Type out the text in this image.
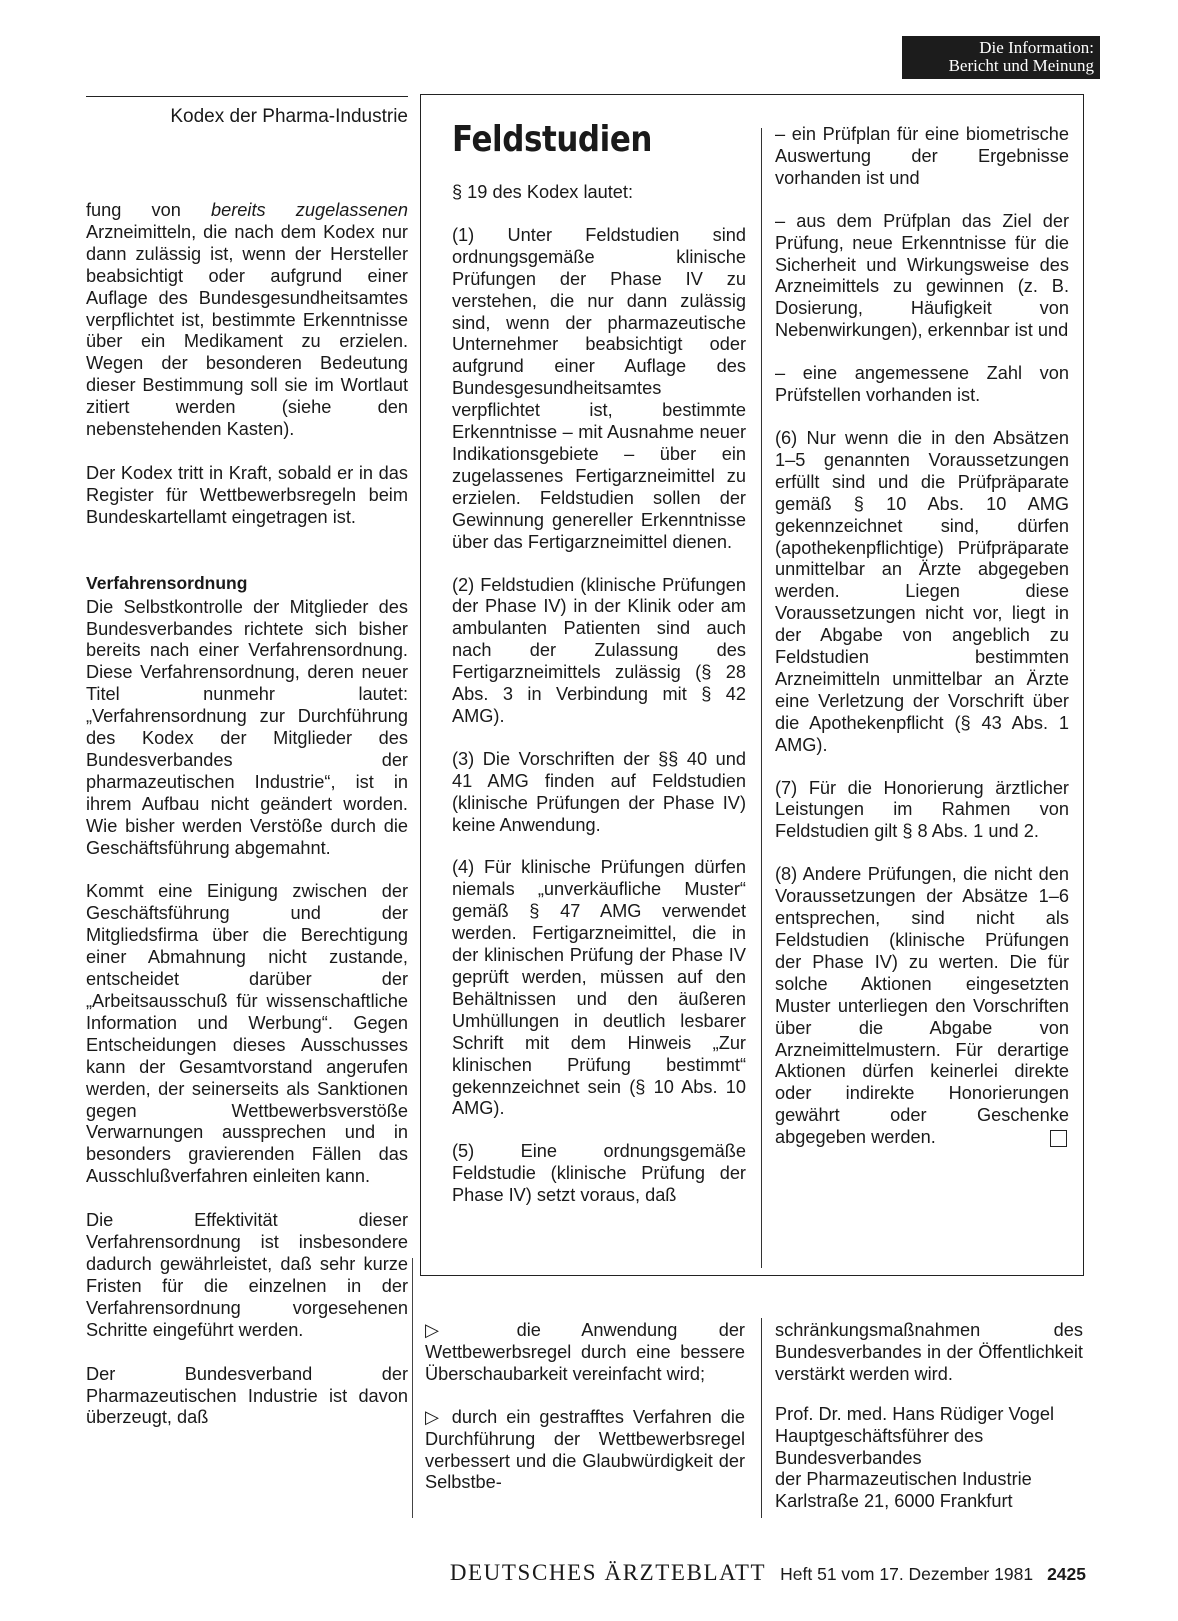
Die Information:
Bericht und Meinung
Kodex der Pharma-Industrie

fung von bereits zugelassenen Arzneimitteln, die nach dem Kodex nur dann zulässig ist, wenn der Hersteller beabsichtigt oder aufgrund einer Auflage des Bundesgesundheitsamtes verpflichtet ist, bestimmte Erkenntnisse über ein Medikament zu erzielen. Wegen der besonderen Bedeutung dieser Bestimmung soll sie im Wortlaut zitiert werden (siehe den nebenstehenden Kasten).

Der Kodex tritt in Kraft, sobald er in das Register für Wettbewerbsregeln beim Bundeskartellamt eingetragen ist.

Verfahrensordnung

Die Selbstkontrolle der Mitglieder des Bundesverbandes richtete sich bisher bereits nach einer Verfahrensordnung. Diese Verfahrensordnung, deren neuer Titel nunmehr lautet: „Verfahrensordnung zur Durchführung des Kodex der Mitglieder des Bundesverbandes der pharmazeutischen Industrie“, ist in ihrem Aufbau nicht geändert worden. Wie bisher werden Verstöße durch die Geschäftsführung abgemahnt.

Kommt eine Einigung zwischen der Geschäftsführung und der Mitgliedsfirma über die Berechtigung einer Abmahnung nicht zustande, entscheidet darüber der „Arbeitsausschuß für wissenschaftliche Information und Werbung“. Gegen Entscheidungen dieses Ausschusses kann der Gesamtvorstand angerufen werden, der seinerseits als Sanktionen gegen Wettbewerbsverstöße Verwarnungen aussprechen und in besonders gravierenden Fällen das Ausschlußverfahren einleiten kann.

Die Effektivität dieser Verfahrensordnung ist insbesondere dadurch gewährleistet, daß sehr kurze Fristen für die einzelnen in der Verfahrensordnung vorgesehenen Schritte eingeführt werden.

Der Bundesverband der Pharmazeutischen Industrie ist davon überzeugt, daß

Feldstudien

§ 19 des Kodex lautet:

(1) Unter Feldstudien sind ordnungsgemäße klinische Prüfungen der Phase IV zu verstehen, die nur dann zulässig sind, wenn der pharmazeutische Unternehmer beabsichtigt oder aufgrund einer Auflage des Bundesgesundheitsamtes verpflichtet ist, bestimmte Erkenntnisse – mit Ausnahme neuer Indikationsgebiete – über ein zugelassenes Fertigarzneimittel zu erzielen. Feldstudien sollen der Gewinnung genereller Erkenntnisse über das Fertigarzneimittel dienen.

(2) Feldstudien (klinische Prüfungen der Phase IV) in der Klinik oder am ambulanten Patienten sind auch nach der Zulassung des Fertigarzneimittels zulässig (§ 28 Abs. 3 in Verbindung mit § 42 AMG).

(3) Die Vorschriften der §§ 40 und 41 AMG finden auf Feldstudien (klinische Prüfungen der Phase IV) keine Anwendung.

(4) Für klinische Prüfungen dürfen niemals „unverkäufliche Muster“ gemäß § 47 AMG verwendet werden. Fertigarzneimittel, die in der klinischen Prüfung der Phase IV geprüft werden, müssen auf den Behältnissen und den äußeren Umhüllungen in deutlich lesbarer Schrift mit dem Hinweis „Zur klinischen Prüfung bestimmt“ gekennzeichnet sein (§ 10 Abs. 10 AMG).

(5) Eine ordnungsgemäße Feldstudie (klinische Prüfung der Phase IV) setzt voraus, daß

– ein Prüfplan für eine biometrische Auswertung der Ergebnisse vorhanden ist und

– aus dem Prüfplan das Ziel der Prüfung, neue Erkenntnisse für die Sicherheit und Wirkungsweise des Arzneimittels zu gewinnen (z. B. Dosierung, Häufigkeit von Nebenwirkungen), erkennbar ist und

– eine angemessene Zahl von Prüfstellen vorhanden ist.

(6) Nur wenn die in den Absätzen 1–5 genannten Voraussetzungen erfüllt sind und die Prüfpräparate gemäß § 10 Abs. 10 AMG gekennzeichnet sind, dürfen (apothekenpflichtige) Prüfpräparate unmittelbar an Ärzte abgegeben werden. Liegen diese Voraussetzungen nicht vor, liegt in der Abgabe von angeblich zu Feldstudien bestimmten Arzneimitteln unmittelbar an Ärzte eine Verletzung der Vorschrift über die Apothekenpflicht (§ 43 Abs. 1 AMG).

(7) Für die Honorierung ärztlicher Leistungen im Rahmen von Feldstudien gilt § 8 Abs. 1 und 2.

(8) Andere Prüfungen, die nicht den Voraussetzungen der Absätze 1–6 entsprechen, sind nicht als Feldstudien (klinische Prüfungen der Phase IV) zu werten. Die für solche Aktionen eingesetzten Muster unterliegen den Vorschriften über die Abgabe von Arzneimittelmustern. Für derartige Aktionen dürfen keinerlei direkte oder indirekte Honorierungen gewährt oder Geschenke abgegeben werden.

▷ die Anwendung der Wettbewerbsregel durch eine bessere Überschaubarkeit vereinfacht wird;

▷ durch ein gestrafftes Verfahren die Durchführung der Wettbewerbsregel verbessert und die Glaubwürdigkeit der Selbstbe-

schränkungsmaßnahmen des Bundesverbandes in der Öffentlichkeit verstärkt werden wird.

Prof. Dr. med. Hans Rüdiger Vogel
Hauptgeschäftsführer des
Bundesverbandes
der Pharmazeutischen Industrie
Karlstraße 21, 6000 Frankfurt

DEUTSCHES ÄRZTEBLATT Heft 51 vom 17. Dezember 1981 2425
